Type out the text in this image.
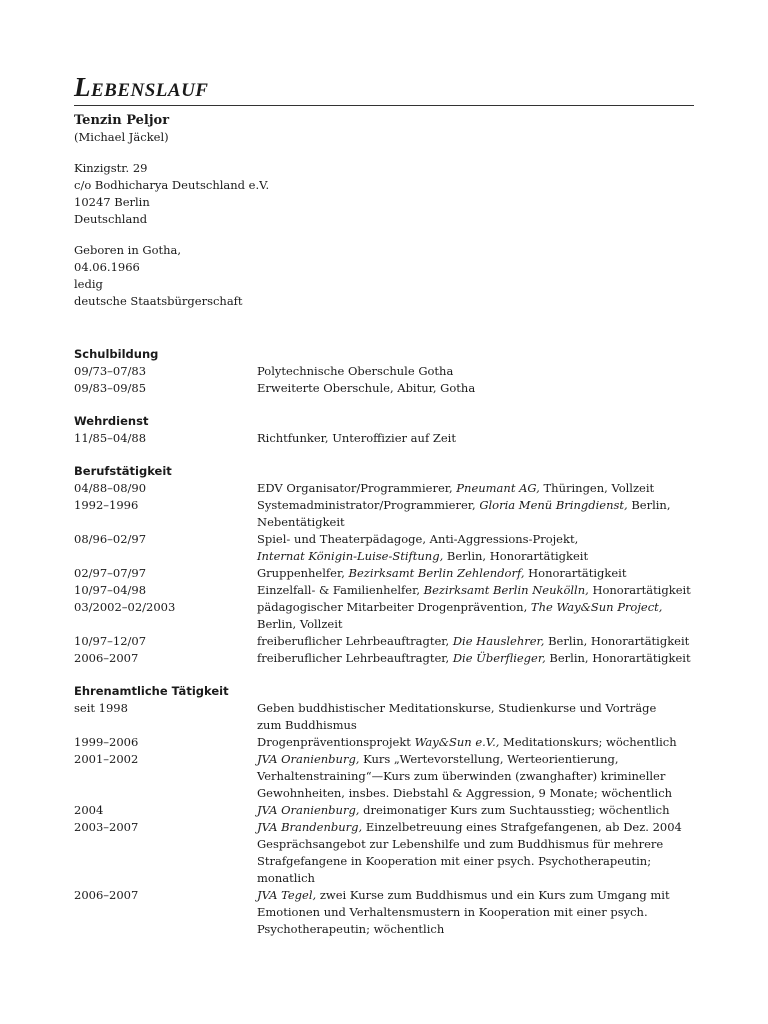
Lebenslauf
Tenzin Peljor
(Michael Jäckel)
Kinzigstr. 29
c/o Bodhicharya Deutschland e.V.
10247 Berlin
Deutschland
Geboren in Gotha,
04.06.1966
ledig
deutsche Staatsbürgerschaft
Schulbildung
09/73–07/83	Polytechnische Oberschule Gotha
09/83–09/85	Erweiterte Oberschule, Abitur, Gotha
Wehrdienst
11/85–04/88	Richtfunker, Unteroffizier auf Zeit
Berufstätigkeit
04/88–08/90	EDV Organisator/Programmierer, Pneumant AG, Thüringen, Vollzeit
1992–1996	Systemadministrator/Programmierer, Gloria Menü Bringdienst, Berlin,
Nebentätigkeit
08/96–02/97	Spiel- und Theaterpädagoge, Anti-Aggressions-Projekt,
Internat Königin-Luise-Stiftung, Berlin, Honorartätigkeit
02/97–07/97	Gruppenhelfer, Bezirksamt Berlin Zehlendorf, Honorartätigkeit
10/97–04/98	Einzelfall- & Familienhelfer, Bezirksamt Berlin Neukölln, Honorartätigkeit
03/2002–02/2003	pädagogischer Mitarbeiter Drogenprävention, The Way&Sun Project,
Berlin, Vollzeit
10/97–12/07	freiberuflicher Lehrbeauftragter, Die Hauslehrer, Berlin, Honorartätigkeit
2006–2007	freiberuflicher Lehrbeauftragter, Die Überflieger, Berlin, Honorartätigkeit
Ehrenamtliche Tätigkeit
seit 1998	Geben buddhistischer Meditationskurse, Studienkurse und Vorträge
zum Buddhismus
1999–2006	Drogenpräventionsprojekt Way&Sun e.V., Meditationskurs; wöchentlich
2001–2002	JVA Oranienburg, Kurs „Wertevorstellung, Werteorientierung,
Verhaltenstraining“—Kurs zum überwinden (zwanghafter) krimineller
Gewohnheiten, insbes. Diebstahl & Aggression, 9 Monate; wöchentlich
2004	JVA Oranienburg, dreimonatiger Kurs zum Suchtausstieg; wöchentlich
2003–2007	JVA Brandenburg, Einzelbetreuung eines Strafgefangenen, ab Dez. 2004
Gesprächsangebot zur Lebenshilfe und zum Buddhismus für mehrere
Strafgefangene in Kooperation mit einer psych. Psychotherapeutin;
monatlich
2006–2007	JVA Tegel, zwei Kurse zum Buddhismus und ein Kurs zum Umgang mit
Emotionen und Verhaltensmustern in Kooperation mit einer psych.
Psychotherapeutin; wöchentlich
